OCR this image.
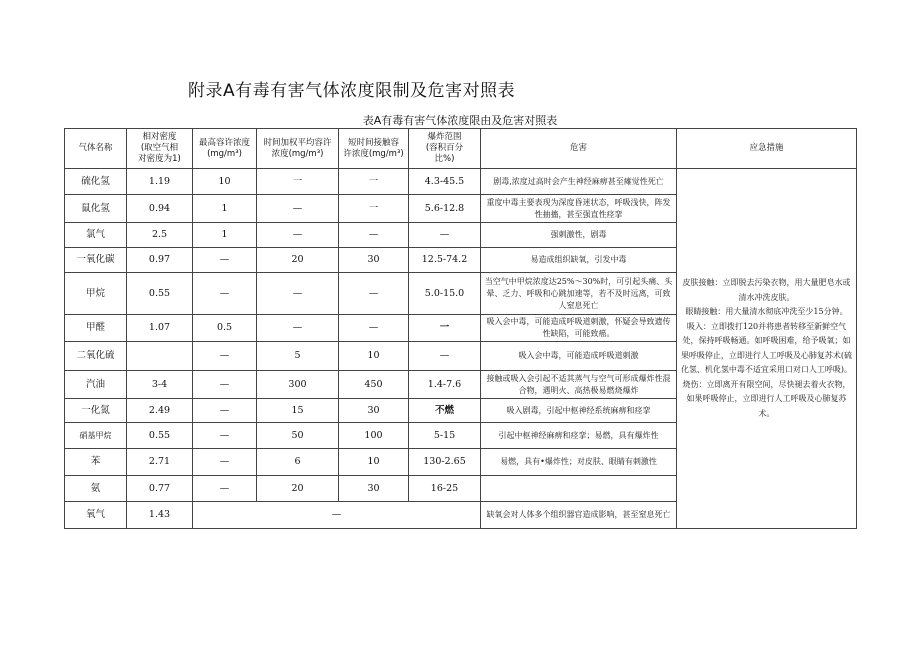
附录A有毒有害气体浓度限制及危害对照表
表A有毒有害气体浓度限由及危害对照表
气体名称	相对密度
(取空气相
对密度为1)	最高容许浓度
(mg/m³)	时间加权平均容许
浓度(mg/m³)	短时间接触容
许浓度(mg/m³)	爆炸范围
(容积百分
比%)	危害	应急措施
硫化氢	1.19	10	一	一	4.3-45.5	剧毒,浓度过高时会产生神经麻痹甚至瘫觉性死亡	皮肤接触：立即脱去污染衣物，用大量肥皂水或清水冲洗皮肤。
眼睛接触：用大量清水彻底冲洗至少15分钟。
吸入：立即拨打120并将患者转移至新鲜空气处，保持呼吸畅通。如呼吸困难，给予吸氧；如果呼吸停止，立即进行人工呼吸及心肺复苏术(硫化氢、机化氢中毒不适宜采用口对口人工呼吸)。
烧伤：立即离开有限空间，尽快褪去着火衣物，如果呼吸停止，立即进行人工呼吸及心肺复苏术。

鼠化氢	0.94	1	—	一	5.6-12.8	重度中毒主要表现为深度昏迷状态，呼吸浅快，阵发性抽搐，甚至强直性痉挛	
氯气	2.5	1	—	—	—	强刺激性，剧毒	
一氧化碳	0.97	—	20	30	12.5-74.2	易造成组织缺氧，引发中毒	
甲烷	0.55	—	—	—	5.0-15.0	当空气中甲烷浓度达25%～30%时，可引起头痛、头晕、乏力、呼吸和心跳加速等，若不及时远离，可致人窒息死亡	
甲醛	1.07	0.5	—	—	一	吸入会中毒，可能造成呼吸道刺激，怀疑会导致遗传性缺陷，可能致癌。	
二氧化硫		—	5	10	—	吸入会中毒，可能造成呼吸道刺激	
汽油	3-4	—	300	450	1.4-7.6	接触或吸入会引起不适其蒸气与空气可形成爆炸性混合物，遇明火、高热极易燃烧爆炸	
一化氮	2.49	—	15	30	不燃	吸入剧毒，引起中枢神经系统麻痹和痉挛	
硝基甲烷	0.55	—	50	100	5-15	引起中枢神经麻痹和痉挛；易燃，具有爆炸性	
苯	2.71	—	6	10	130-2.65	易燃，具有•爆炸性；对皮肤、眼睛有刺激性	
氨	0.77	—	20	30	16-25		
氧气	1.43	—				缺氧会对人体多个组织器官造成影响，甚至窒息死亡	
